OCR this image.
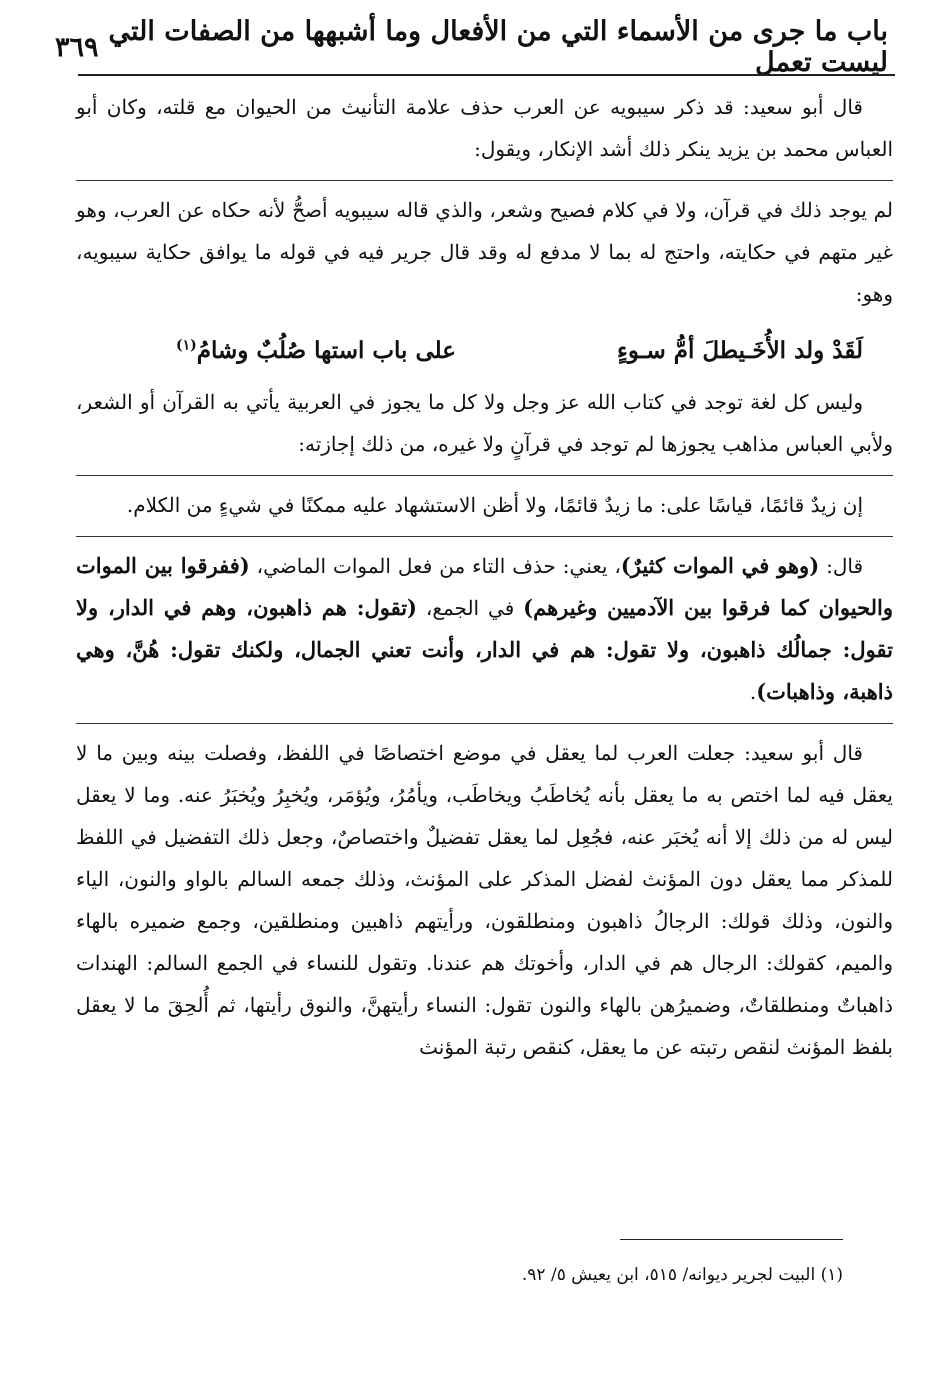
باب ما جرى من الأسماء التي من الأفعال وما أشبهها من الصفات التي ليست تعمل
٣٦٩

قال أبو سعيد: قد ذكر سيبويه عن العرب حذف علامة التأنيث من الحيوان مع قلته، وكان أبو العباس محمد بن يزيد ينكر ذلك أشد الإنكار، ويقول:

لم يوجد ذلك في قرآن، ولا في كلام فصيح وشعر، والذي قاله سيبويه أصحُّ لأنه حكاه عن العرب، وهو غير متهم في حكايته، واحتج له بما لا مدفع له وقد قال جرير فيه في قوله ما يوافق حكاية سيبويه، وهو:

لَقَدْ ولد الأُخَـيطلَ أمُّ سـوءٍ
على باب استها صُلُبٌ وشامُ$^{(١)}$

وليس كل لغة توجد في كتاب الله عز وجل ولا كل ما يجوز في العربية يأتي به القرآن أو الشعر، ولأبي العباس مذاهب يجوزها لم توجد في قرآنٍ ولا غيره، من ذلك إجازته:

إن زيدٌ قائمًا، قياسًا على: ما زيدٌ قائمًا، ولا أظن الاستشهاد عليه ممكنًا في شيءٍ من الكلام.

قال: (وهو في الموات كثيرٌ)، يعني: حذف التاء من فعل الموات الماضي، (ففرقوا بين الموات والحيوان كما فرقوا بين الآدميين وغيرهم) في الجمع، (تقول: هم ذاهبون، وهم في الدار، ولا تقول: جمالُك ذاهبون، ولا تقول: هم في الدار، وأنت تعني الجمال، ولكنك تقول: هُنَّ، وهي ذاهبة، وذاهبات).

قال أبو سعيد: جعلت العرب لما يعقل في موضع اختصاصًا في اللفظ، وفصلت بينه وبين ما لا يعقل فيه لما اختص به ما يعقل بأنه يُخاطَبُ ويخاطَب، ويأمُرُ، ويُؤمَر، ويُخبِرُ ويُخبَرُ عنه. وما لا يعقل ليس له من ذلك إلا أنه يُخبَر عنه، فجُعِل لما يعقل تفضيلٌ واختصاصٌ، وجعل ذلك التفضيل في اللفظ للمذكر مما يعقل دون المؤنث لفضل المذكر على المؤنث، وذلك جمعه السالم بالواو والنون، الياء والنون، وذلك قولك: الرجالُ ذاهبون ومنطلقون، ورأيتهم ذاهبين ومنطلقين، وجمع ضميره بالهاء والميم، كقولك: الرجال هم في الدار، وأخوتك هم عندنا. وتقول للنساء في الجمع السالم: الهندات ذاهباتٌ ومنطلقاتٌ، وضميرُهن بالهاء والنون تقول: النساء رأيتهنَّ، والنوق رأيتها، ثم أُلحِقَ ما لا يعقل بلفظ المؤنث لنقص رتبته عن ما يعقل، كنقص رتبة المؤنث

(١) البيت لجرير ديوانه/ ٥١٥، ابن يعيش ٥/ ٩٢.
